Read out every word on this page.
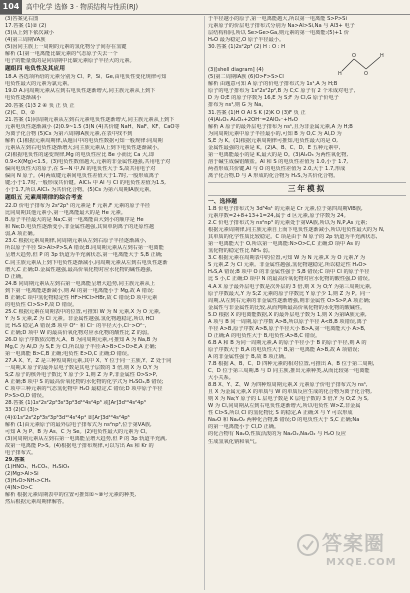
104	高中化学 选修 3 · 物质结构与性质(RJ)
(3)答案见右图
17.答案 (1)② (2)
(3)从上到下依次减小
(4)第三周期ⅤA族
(5)因同主族上一周期的元素的氢化物分子间存在氢键
解析 (1)第一电离能比碳元素的气态原子失去一个
电子的能量低的是同周期中比碳元素原子半径大的元素。
题组四 电负性及其应用
18.A 各选项所给的元素分别为 Cl、P、Si、Ge,由电负性变化规律可知
电负性最大的元素为氯元素。
19.D A.同周期元素从左到右电负性逐渐增大,同主族元素从上到下
电负性逐渐减小
20.答案 (1)3 2 ④ 负 正 负 正
(2)C、D、②
21.答案 (1)同周期元素从左到右元素电负性逐渐增大,同主族元素从上到下
元素电负性逐渐减小 (2)0.9~1.5 (3)N (4)共价键 NaH、NaF、KF、CaO等
为离子化合物 (5)Cs 为第六周期ⅠA族元素,在表中找不到
解析 (1)根据元素周期律,从题目中的电负性数据可知一般规律:同周期
元素从左到右电负性逐渐增大;同主族元素从上到下电负性逐渐减小。
(2)根据电负性的递变规律,Mg 的电负性应比 Be 小而比 Ca 大,即
0.9<X(Mg)<1.5。(3)电负性数值越大,元素的非金属性越强,共用电子对
偏向电负性大的原子,在 S—N 中,N 的电负性大于 S,故共用电子对
偏向 N 原子。(4)两成键元素间电负性差值大于1.7时,一般形成离子
键;小于1.7时,一般形成共价键。AlCl₃ 中 Al 与 Cl 的电负性差值为1.5,
小于1.7,所以 AlCl₃ 为共价化合物。(5)Cs 为第六周期ⅠA族元素。
题组五 元素周期律的综合考查
22.D 价电子排布为 2s²2p⁵ 的元素是 F 元素,F 元素的原子半径
比同周期其他元素小,第一电离能最大的是 He 元素。
B.原子半径最大的是 Na;C.第一电离能由大到小的顺序是 He
和 Ne;D.电负性逐渐变小,非金属性越强,其简单阴离子的还原性越
弱,A 项正确。
23.C 根据元素周期律,同周期元素从左到右原子半径逐渐减小,
所以原子半径 Si>Al>P>S,A 错误;B.同周期元素从左到右第一电离能
呈增大趋势,但 P 的 3p 轨道为半充满状态,第一电离能大于 S,B 正确;
C.同主族元素从上到下电负性逐渐减小,同周期元素从左到右电负性逐渐
增大,C 正确;D.金属性越强,最高价氧化物对应水化物的碱性越强,
D 正确。
24.B 同周期元素从左到右第一电离能呈增大趋势,同主族元素从上
到下第一电离能逐渐减小,则 Al 的第一电离能小于 Mg,故 A 错误;
B 正确;C 项中氢化物稳定性 HF>HCl>HBr,故 C 错误;D 项中元素
的电负性 Cl>S>P,故 D 错误。
25.C 根据元素在周期表中的位置,可推知 W 为 N 元素,X 为 O 元素,
Y 为 S 元素,Z 为 Cl 元素。非金属性越强,氢化物越稳定,所以 HCl
比 H₂S 稳定,A 错误;B 项中 O²⁻ 和 Cl⁻ 的半径大小,Cl⁻>O²⁻,
C 正确;D 项中 W 的最高价氧化物对应水化物的酸性比 Z 的弱。
26.D 原子序数依次增大,A、B 为同周期元素,可推知 A 为 Na,B 为
Mg,C 为 Al,D 为 S,E 为 Cl,所以原子半径:A>B>C>D>E,A 正确;
第一电离能 B>C,B 正确;电负性 E>D,C 正确;D 错误。
27.A X、Y、Z 是三种短周期元素,其中 X、Y 位于同一主族,Y、Z 处于同
一周期,X 原子的最外层电子数是其电子层数的 3 倍,则 X 为 O,Y 为
S;Z 原子的核外电子数比 Y 原子少 1,则 Z 为 P,非金属性 O>S>P,
A 正确;B 项中 S 的最高价氧化物的水化物的化学式为 H₂SO₄,B 错误;
C 项中三种元素的气态氢化物中 H₂O 最稳定,C 错误;D 项中原子半径
P>S>O,D 错误。
28.答案 (1)1s²2s²2p⁶3s²3p⁶3d¹⁰4s²4p³ 或[Ar]3d¹⁰4s²4p³
33 (2)Cl (3)>
(4)①1s²2s²2p⁶3s²3p⁶3d¹⁰4s²4p⁴ ②[Ar]3d¹⁰4s²4p⁶
解析 (1)由元素原子的最外层电子排布式为 ns²np³,位于第ⅤA族,
可知 A 为 P、B 为 As、C 为 Se。(2)电负性最大的元素为 Cl。
(3)同周期元素从左到右第一电离能呈增大趋势,但 P 的 3p 轨道半充满,
故第一电离能 P>S。(4)根据电子排布规律,可以写出 As 和 Kr 的
电子排布式。
29.答案
(1)HNO₃、H₂CO₃、H₂SiO₃
(2)Mg>Al>Si
(3)H₂O>NH₃>CH₄
(4)N>O>C
解析 根据元素周期表中的位置可推知①~⑩号元素的种类,
然后根据元素周期律解答。
于半径越小的原子,第一电离能越大,所以第一电离能 S>P>Si
元素原子的价层电子排布式分别为 Na>Al>Si,Na 与 Al3+ 电子
层结构相同,所以 Se>Ge>Ga,则元素的第一电离能:(5)+1 价
H₂O 最为稳定,O 原子半径最小。
30.答案 (1)2s²2p³ (2) H : O : H
H
O
O
H
(3)[shell diagram] (4)
(5)第二周期ⅠA族 (6)O>F>S>Cl
解析 由题意可知 A 原子的价电子排布式为 1s¹,A 为 H;B
原子的电子排布为 1s²2s²2p²,B 为 C;C 原子有 2 个未成对电子,
D 为 O;E 的原子序数为 16,E 为 S;F 为 Cl,G 原子价电子
排布为 ns¹,则 G 为 Na。
31.答案 (1)H O Al S K (2)K O (3)F 负 正
(4)Al₂O₃ Al₂O₃+2OH⁻=2AlO₂⁻+H₂O
解析 A 原子的最外层电子排布为 ns¹,且为非金属元素,A 为 H;B
为同周期元素中原子半径最小的,可知 B 为 O,C 为 Al,D 为
S,E 为 K。(1)根据元素周期律可推知,电负性最大的是 O,
金属性最强的元素是 K。(2)A、B、C、D、E 五种元素中,
第一电离能最小的是 K,最大的是 O。(3)Al₂O₃ 为两性氧化物,
溶于碱生成偏铝酸盐。Al 和 S 的电负性差值为 1.0,小于 1.7,
两者形成共价键,Al 与 O 的电负性差值为 2.0,大于 1.7,形成
离子化合物,D 与 A 形成的化合物为 H₂S,为共价化合物。
三年模拟
一、选择题
1.B 价电子排布式为 3d⁵4s¹ 的元素是 Cr 元素,位于第四周期ⅥB族,
元素序数=2+8+13+1=24,属于 d 区元素,原子序数为 24。
2.C 价电子排布式为 ns²np³ 的元素处于第ⅤA族,所以为 N,P,As 元素;
根据元素周期律,同主族元素自上而下电负性逐渐减小,所以电负性最大的为 N,
其单质的化学性质比较稳定。C 项是由于 N 原子的 2p 轨道为半充满状态,
第一电离能大于 O,所以第一电离能:N>O>C,C 正确;D 项中 As 的
氢化物的稳定性比 NH₃ 弱。
3.C 根据元素在周期表中的位置,可知 W 为 N 元素,X 为 O 元素,Y 为
S 元素,Z 为 Cl 元素。非金属性越强,氢化物越稳定,所以稳定性 H₂O>
H₂S,A 错误;B 项中 O 的非金属性强于 S,B 错误;C 项中 Cl 的原子半径
比 S 小,C 正确;D 项中 N 的最高价氧化物对应水化物的酸性强,D 错误。
4.A X 原子最外层电子数是次外层的 3 倍,则 X 为 O;Y 为第三周期元素,
原子序数最大,Y 为 S;Z 元素的原子序数比 Y 原子少 1,则 Z 为 P。同一
周期,从左到右元素的非金属性逐渐增强,则非金属性 O>S>P,A 项正确;
金属性与非金属性的比较,从而判断最高价氧化物的水化物的酸碱性。
5.D 根据 X 的电离能数据,X 的最外层电子数为 1,则 X 为第ⅠA族元素,
A 项与 B 同一周期,原子序数 A>B,所以原子半径 A<B,B 项错误,离子
半径 A>B,原子序数 A>B,原子半径大小 B>A,第一电离能大小 A>B,
D 正确;A 的电负性大于 B,电负性:A>B,C 错误。
6.B A 和 B 为同一周期元素,A 的原子半径小于 B 的原子半径,则 A 的
原子序数大于 B,A 的电负性大于 B,第一电离能 A>B,故 A 项错误;
A 的非金属性强于 B,故 B 项正确。
7.B 根据 A、B、C、D 四种元素的相对位置,可推出 A、B 位于第二周期,
C、D 位于第三周期,B 与 D 同主族,推出元素种类,从而比较第一电离能
大小关系。
8.B X、Y、Z、W 为四种短周期元素,X 元素原子价电子排布式为 ns¹,
且 X 为金属元素,X 的单质与 W 的单质反应生成的化合物为离子化合物,
则 X 为 Na;Y 原子的 L 层电子数是 K 层电子数的 3 倍,Y 为 O;Z 为 S,
W 为 Cl,同周期从左到右电负性逐渐增大,所以电负性 W>Z,非金属
性 Cl>S,所以 Cl 的氢化物比 S 的稳定,A 正确;X 与 Y 可以形成
Na₂O 和 Na₂O₂ 两种化合物,B 错误;O 的电负性大于 S,C 正确;Na
的第一电离能小于 Cl,D 正确。
的化合物有 Na₂O,性质活泼的为 Na₂O₂,Na₂O₂ 与 H₂O 反应
生成氢氧化钠和氧气。
答案圈
MXQE.COM
